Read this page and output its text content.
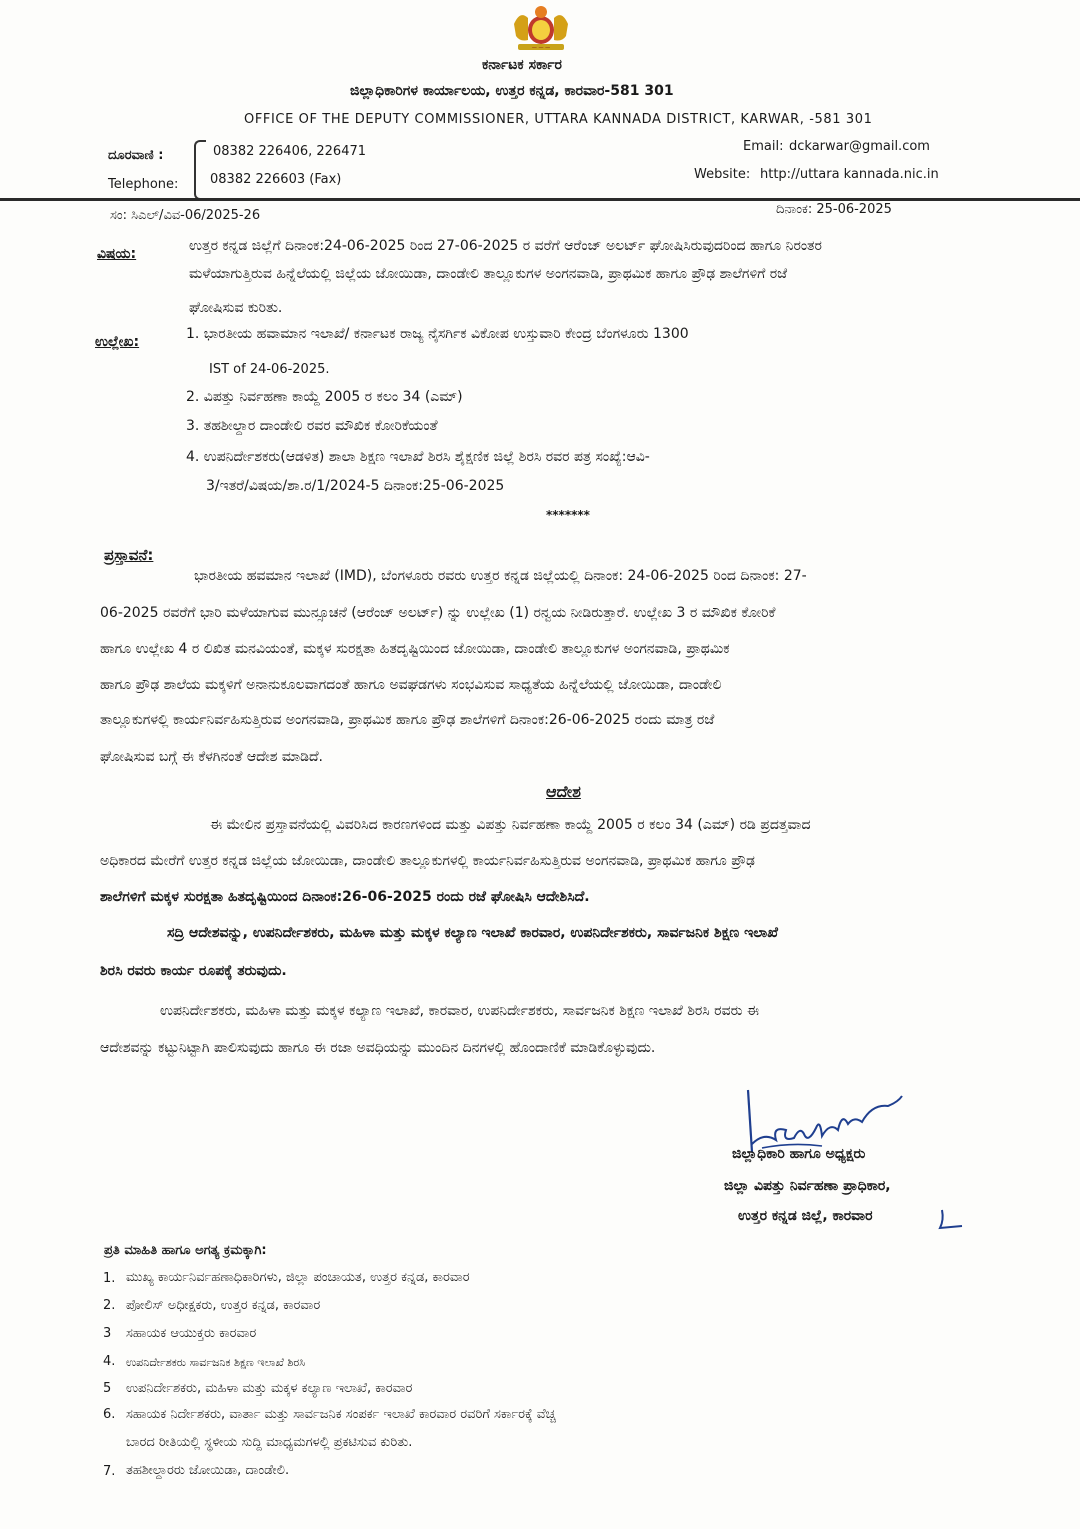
— — —
ಕರ್ನಾಟಕ ಸರ್ಕಾರ
ಜಿಲ್ಲಾಧಿಕಾರಿಗಳ ಕಾರ್ಯಾಲಯ, ಉತ್ತರ ಕನ್ನಡ, ಕಾರವಾರ-581 301
OFFICE OF THE DEPUTY COMMISSIONER, UTTARA KANNADA DISTRICT, KARWAR, -581 301
ದೂರವಾಣಿ :
Telephone:
08382 226406, 226471
08382 226603 (Fax)
Email: dckarwar@gmail.com
Website: http://uttara kannada.nic.in
ಸಂ: ಸಿಎಲ್/ವಿವ-06/2025-26	ದಿನಾಂಕ: 25-06-2025
ವಿಷಯ:	ಉತ್ತರ ಕನ್ನಡ ಜಿಲ್ಲೆಗೆ ದಿನಾಂಕ:24-06-2025 ರಿಂದ 27-06-2025 ರ ವರೆಗೆ ಆರೆಂಜ್ ಅಲರ್ಟ್ ಘೋಷಿಸಿರುವುದರಿಂದ ಹಾಗೂ ನಿರಂತರ
ಮಳೆಯಾಗುತ್ತಿರುವ ಹಿನ್ನೆಲೆಯಲ್ಲಿ ಜಿಲ್ಲೆಯ ಜೋಯಿಡಾ, ದಾಂಡೇಲಿ ತಾಲ್ಲೂಕುಗಳ ಅಂಗನವಾಡಿ, ಪ್ರಾಥಮಿಕ ಹಾಗೂ ಪ್ರೌಢ ಶಾಲೆಗಳಿಗೆ ರಜೆ
ಘೋಷಿಸುವ ಕುರಿತು.
ಉಲ್ಲೇಖ:	1. ಭಾರತೀಯ ಹವಾಮಾನ ಇಲಾಖೆ/ ಕರ್ನಾಟಕ ರಾಜ್ಯ ನೈಸರ್ಗಿಕ ವಿಕೋಪ ಉಸ್ತುವಾರಿ ಕೇಂದ್ರ ಬೆಂಗಳೂರು 1300
IST of 24-06-2025.
2. ವಿಪತ್ತು ನಿರ್ವಹಣಾ ಕಾಯ್ದೆ 2005 ರ ಕಲಂ 34 (ಎಮ್)
3. ತಹಶೀಲ್ದಾರ ದಾಂಡೇಲಿ ರವರ ಮೌಖಿಕ ಕೋರಿಕೆಯಂತೆ
4. ಉಪನಿರ್ದೇಶಕರು(ಆಡಳಿತ) ಶಾಲಾ ಶಿಕ್ಷಣ ಇಲಾಖೆ ಶಿರಸಿ ಶೈಕ್ಷಣಿಕ ಜಿಲ್ಲೆ ಶಿರಸಿ ರವರ ಪತ್ರ ಸಂಖ್ಯೆ:ಆವಿ-
3/ಇತರೆ/ವಿಷಯ/ಶಾ.ರ/1/2024-5 ದಿನಾಂಕ:25-06-2025
*******
ಪ್ರಸ್ತಾವನೆ:
ಭಾರತೀಯ ಹವಮಾನ ಇಲಾಖೆ (IMD), ಬೆಂಗಳೂರು ರವರು ಉತ್ತರ ಕನ್ನಡ ಜಿಲ್ಲೆಯಲ್ಲಿ ದಿನಾಂಕ: 24-06-2025 ರಿಂದ ದಿನಾಂಕ: 27-
06-2025 ರವರೆಗೆ ಭಾರಿ ಮಳೆಯಾಗುವ ಮುನ್ಸೂಚನೆ (ಆರೆಂಜ್ ಅಲರ್ಟ್) ನ್ನು ಉಲ್ಲೇಖ (1) ರನ್ವಯ ನೀಡಿರುತ್ತಾರೆ. ಉಲ್ಲೇಖ 3 ರ ಮೌಖಿಕ ಕೋರಿಕೆ
ಹಾಗೂ ಉಲ್ಲೇಖ 4 ರ ಲಿಖಿತ ಮನವಿಯಂತೆ, ಮಕ್ಕಳ ಸುರಕ್ಷತಾ ಹಿತದೃಷ್ಟಿಯಿಂದ ಜೋಯಿಡಾ, ದಾಂಡೇಲಿ ತಾಲ್ಲೂಕುಗಳ ಅಂಗನವಾಡಿ, ಪ್ರಾಥಮಿಕ
ಹಾಗೂ ಪ್ರೌಢ ಶಾಲೆಯ ಮಕ್ಕಳಿಗೆ ಅನಾನುಕೂಲವಾಗದಂತೆ ಹಾಗೂ ಅವಘಡಗಳು ಸಂಭವಿಸುವ ಸಾಧ್ಯತೆಯ ಹಿನ್ನೆಲೆಯಲ್ಲಿ ಜೋಯಿಡಾ, ದಾಂಡೇಲಿ
ತಾಲ್ಲೂಕುಗಳಲ್ಲಿ ಕಾರ್ಯನಿರ್ವಹಿಸುತ್ತಿರುವ ಅಂಗನವಾಡಿ, ಪ್ರಾಥಮಿಕ ಹಾಗೂ ಪ್ರೌಢ ಶಾಲೆಗಳಿಗೆ ದಿನಾಂಕ:26-06-2025 ರಂದು ಮಾತ್ರ ರಜೆ
ಘೋಷಿಸುವ ಬಗ್ಗೆ ಈ ಕೆಳಗಿನಂತೆ ಆದೇಶ ಮಾಡಿದೆ.
ಆದೇಶ
ಈ ಮೇಲಿನ ಪ್ರಸ್ತಾವನೆಯಲ್ಲಿ ವಿವರಿಸಿದ ಕಾರಣಗಳಿಂದ ಮತ್ತು ವಿಪತ್ತು ನಿರ್ವಹಣಾ ಕಾಯ್ದೆ 2005 ರ ಕಲಂ 34 (ಎಮ್) ರಡಿ ಪ್ರದತ್ತವಾದ
ಅಧಿಕಾರದ ಮೇರೆಗೆ ಉತ್ತರ ಕನ್ನಡ ಜಿಲ್ಲೆಯ ಜೋಯಿಡಾ, ದಾಂಡೇಲಿ ತಾಲ್ಲೂಕುಗಳಲ್ಲಿ ಕಾರ್ಯನಿರ್ವಹಿಸುತ್ತಿರುವ ಅಂಗನವಾಡಿ, ಪ್ರಾಥಮಿಕ ಹಾಗೂ ಪ್ರೌಢ
ಶಾಲೆಗಳಿಗೆ ಮಕ್ಕಳ ಸುರಕ್ಷತಾ ಹಿತದೃಷ್ಟಿಯಿಂದ ದಿನಾಂಕ:26-06-2025 ರಂದು ರಜೆ ಘೋಷಿಸಿ ಆದೇಶಿಸಿದೆ.
ಸದ್ರಿ ಆದೇಶವನ್ನು, ಉಪನಿರ್ದೇಶಕರು, ಮಹಿಳಾ ಮತ್ತು ಮಕ್ಕಳ ಕಲ್ಯಾಣ ಇಲಾಖೆ ಕಾರವಾರ, ಉಪನಿರ್ದೇಶಕರು, ಸಾರ್ವಜನಿಕ ಶಿಕ್ಷಣ ಇಲಾಖೆ
ಶಿರಸಿ ರವರು ಕಾರ್ಯ ರೂಪಕ್ಕೆ ತರುವುದು.
ಉಪನಿರ್ದೇಶಕರು, ಮಹಿಳಾ ಮತ್ತು ಮಕ್ಕಳ ಕಲ್ಯಾಣ ಇಲಾಖೆ, ಕಾರವಾರ, ಉಪನಿರ್ದೇಶಕರು, ಸಾರ್ವಜನಿಕ ಶಿಕ್ಷಣ ಇಲಾಖೆ ಶಿರಸಿ ರವರು ಈ
ಆದೇಶವನ್ನು ಕಟ್ಟುನಿಟ್ಟಾಗಿ ಪಾಲಿಸುವುದು ಹಾಗೂ ಈ ರಜಾ ಅವಧಿಯನ್ನು ಮುಂದಿನ ದಿನಗಳಲ್ಲಿ ಹೊಂದಾಣಿಕೆ ಮಾಡಿಕೊಳ್ಳುವುದು.
ಜಿಲ್ಲಾಧಿಕಾರಿ ಹಾಗೂ ಅಧ್ಯಕ್ಷರು
ಜಿಲ್ಲಾ ವಿಪತ್ತು ನಿರ್ವಹಣಾ ಪ್ರಾಧಿಕಾರ,
ಉತ್ತರ ಕನ್ನಡ ಜಿಲ್ಲೆ, ಕಾರವಾರ
ಪ್ರತಿ ಮಾಹಿತಿ ಹಾಗೂ ಅಗತ್ಯ ಕ್ರಮಕ್ಕಾಗಿ:
1. ಮುಖ್ಯ ಕಾರ್ಯನಿರ್ವಹಣಾಧಿಕಾರಿಗಳು, ಜಿಲ್ಲಾ ಪಂಚಾಯತ, ಉತ್ತರ ಕನ್ನಡ, ಕಾರವಾರ
2. ಪೋಲಿಸ್ ಅಧೀಕ್ಷಕರು, ಉತ್ತರ ಕನ್ನಡ, ಕಾರವಾರ
3 ಸಹಾಯಕ ಆಯುಕ್ತರು ಕಾರವಾರ
4. ಉಪನಿರ್ದೇಶಕರು ಸಾರ್ವಜನಿಕ ಶಿಕ್ಷಣ ಇಲಾಖೆ ಶಿರಸಿ
5 ಉಪನಿರ್ದೇಶಕರು, ಮಹಿಳಾ ಮತ್ತು ಮಕ್ಕಳ ಕಲ್ಯಾಣ ಇಲಾಖೆ, ಕಾರವಾರ
6. ಸಹಾಯಕ ನಿರ್ದೇಶಕರು, ವಾರ್ತಾ ಮತ್ತು ಸಾರ್ವಜನಿಕ ಸಂಪರ್ಕ ಇಲಾಖೆ ಕಾರವಾರ ರವರಿಗೆ ಸರ್ಕಾರಕ್ಕೆ ವೆಚ್ಚ
ಬಾರದ ರೀತಿಯಲ್ಲಿ ಸ್ಥಳೀಯ ಸುದ್ದಿ ಮಾಧ್ಯಮಗಳಲ್ಲಿ ಪ್ರಕಟಿಸುವ ಕುರಿತು.
7. ತಹಶೀಲ್ದಾರರು ಜೋಯಿಡಾ, ದಾಂಡೇಲಿ.
